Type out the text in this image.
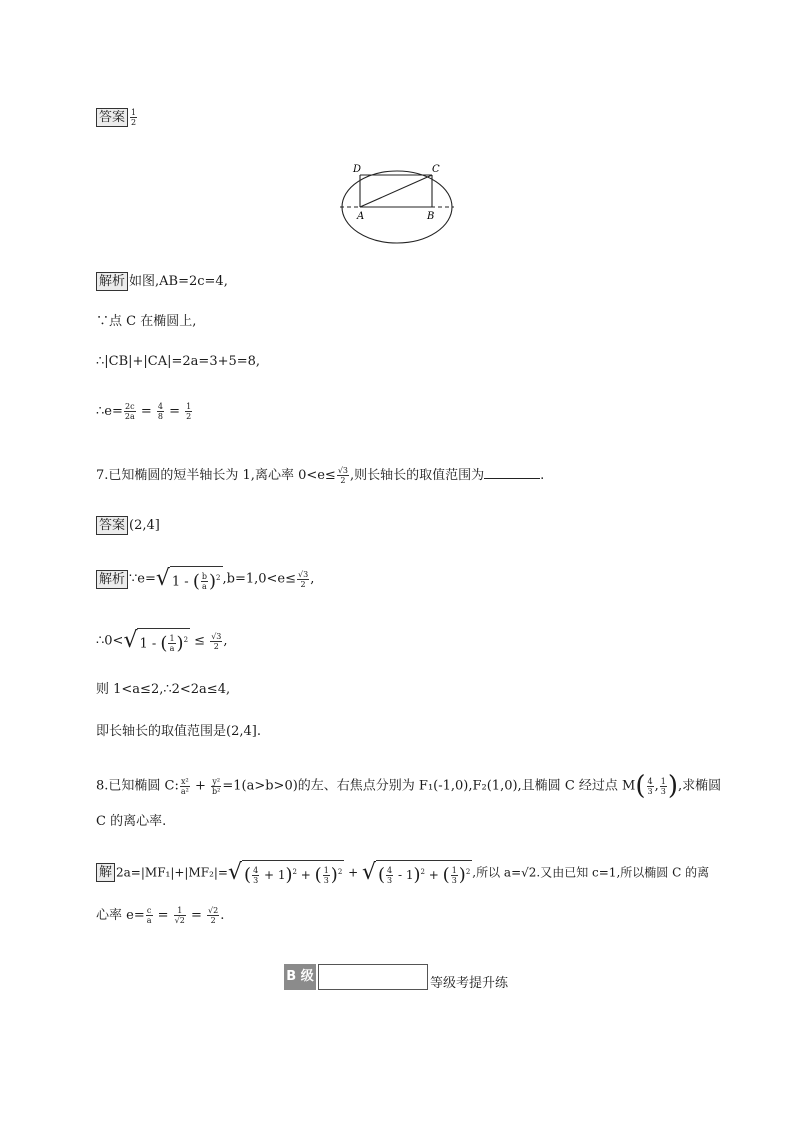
答案 $\frac{1}{2}$
D	C
A	B
解析 如图,AB=2c=4,
∵点 C 在椭圆上,
∴|CB|+|CA|=2a=3+5=8,
∴e= $\frac{2c}{2a} = \frac{4}{8} = \frac{1}{2}$
7.已知椭圆的短半轴长为 1,离心率 $0<e\le \frac{√3}{2}$ ,则长轴长的取值范围为	.
答案 (2,4]
解析 ∵e=√ 1 - ( $\frac{b}{a} )^2$ $,b=1,0<e\le \frac{√3}{2}$ ,
∴0<√ 1 - ( $\frac{1}{a} )^2 \le \frac{√3}{2}$ ,
则 1<a≤2,∴2<2a≤4,
即长轴长的取值范围是(2,4].
8.已知椭圆 C: $\frac{\text{x²}}{\text{a²}} + \frac{\text{y²}}{\text{b²}} =1(a>b>0)$的左、右焦点分别为 F₁(-1,0),F₂(1,0),且椭圆 C 经过点 $M( \frac{4}{3}$ , $\frac{1}{3}$ ),求椭圆
C 的离心率.
解 2a=|MF₁|+|MF₂|=√ ( $\frac{4}{3} + 1)^2$ + ( $\frac{1}{3} )^2$ + √ ( $\frac{4}{3} - 1)^2$ + ( $\frac{1}{3} )^2$ ,所以 a=√2.又由已知 c=1,所以椭圆 C 的离
心率 $e= \frac{c}{a} = \frac{1}{√2} = \frac{√2}{2}$ .
B 级	等级考提升练
